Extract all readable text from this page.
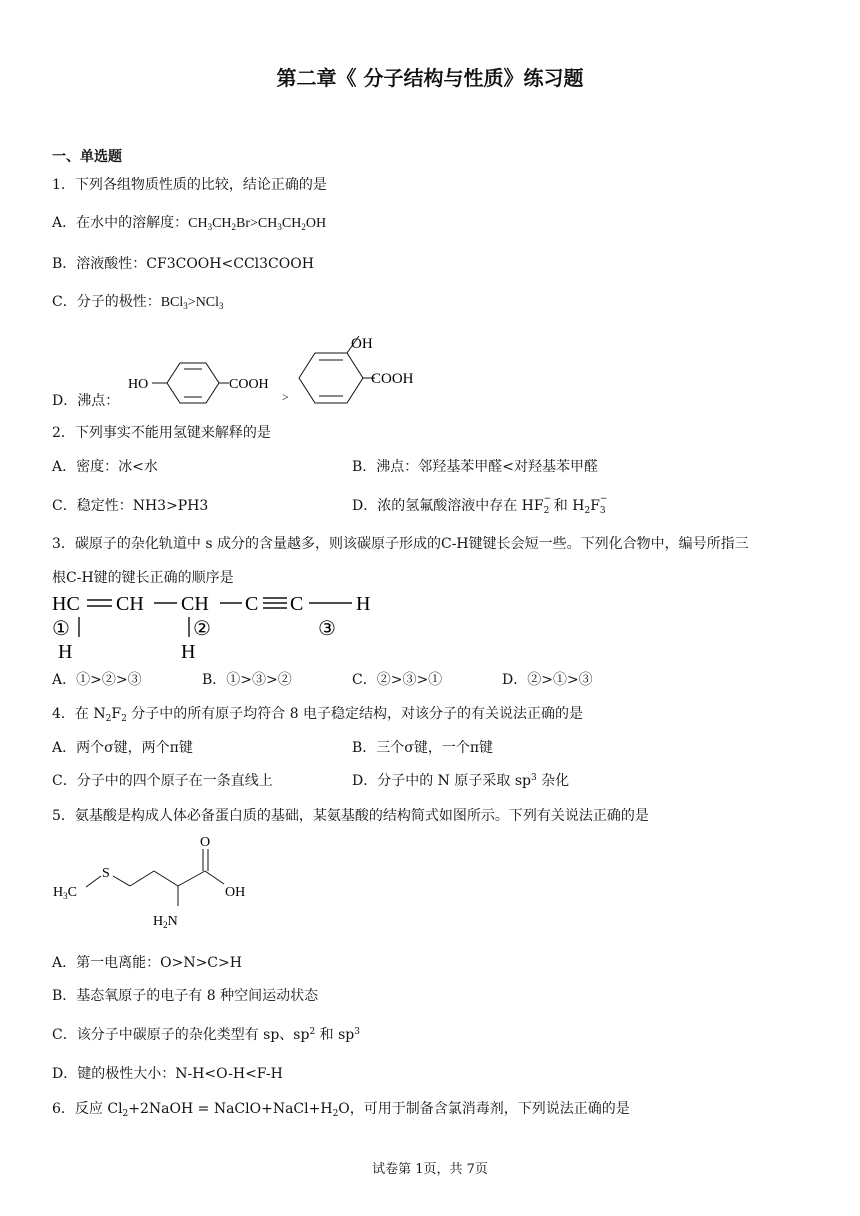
第二章《 分子结构与性质》练习题
一、单选题
1．下列各组物质性质的比较，结论正确的是
A．在水中的溶解度：$CH_3CH_2Br>CH_3CH_2OH$
B．溶液酸性：CF3COOH<CCl3COOH
C．分子的极性：BCl$_3$>NCl$_3$
D．沸点：
HO	COOH
>
OH
COOH
2．下列事实不能用氢键来解释的是
A．密度：冰<水	B．沸点：邻羟基苯甲醛<对羟基苯甲醛
C．稳定性：NH3>PH3	D．浓的氢氟酸溶液中存在 HF $_{- 2}$ 和 $H_2F$ $_{- 3}$
3．碳原子的杂化轨道中 s 成分的含量越多，则该碳原子形成的C-H键键长会短一些。下列化合物中，编号所指三
根C-H键的键长正确的顺序是
HC CH CH C C	H
①
H
②
H
③
A．①>②>③	B．①>③>②	C．②>③>①	D．②>①>③
4．在 $N_2F_2$ 分子中的所有原子均符合 8 电子稳定结构，对该分子的有关说法正确的是
A．两个σ键，两个π键	B．三个σ键，一个π键
C．分子中的四个原子在一条直线上	D．分子中的 N 原子采取 $sp^3$ 杂化
5．氨基酸是构成人体必备蛋白质的基础，某氨基酸的结构简式如图所示。下列有关说法正确的是
$H_3C$
S
O
OH
$H_2N$
A．第一电离能：O>N>C>H
B．基态氧原子的电子有 8 种空间运动状态
C．该分子中碳原子的杂化类型有 sp、$sp^2$ 和 $sp^3$
D．键的极性大小：N-H<O-H<F-H
6．反应 $Cl_2+2NaOH$ = $NaClO+NaCl+H_2O$，可用于制备含氯消毒剂，下列说法正确的是
试卷第 1页，共 7页
